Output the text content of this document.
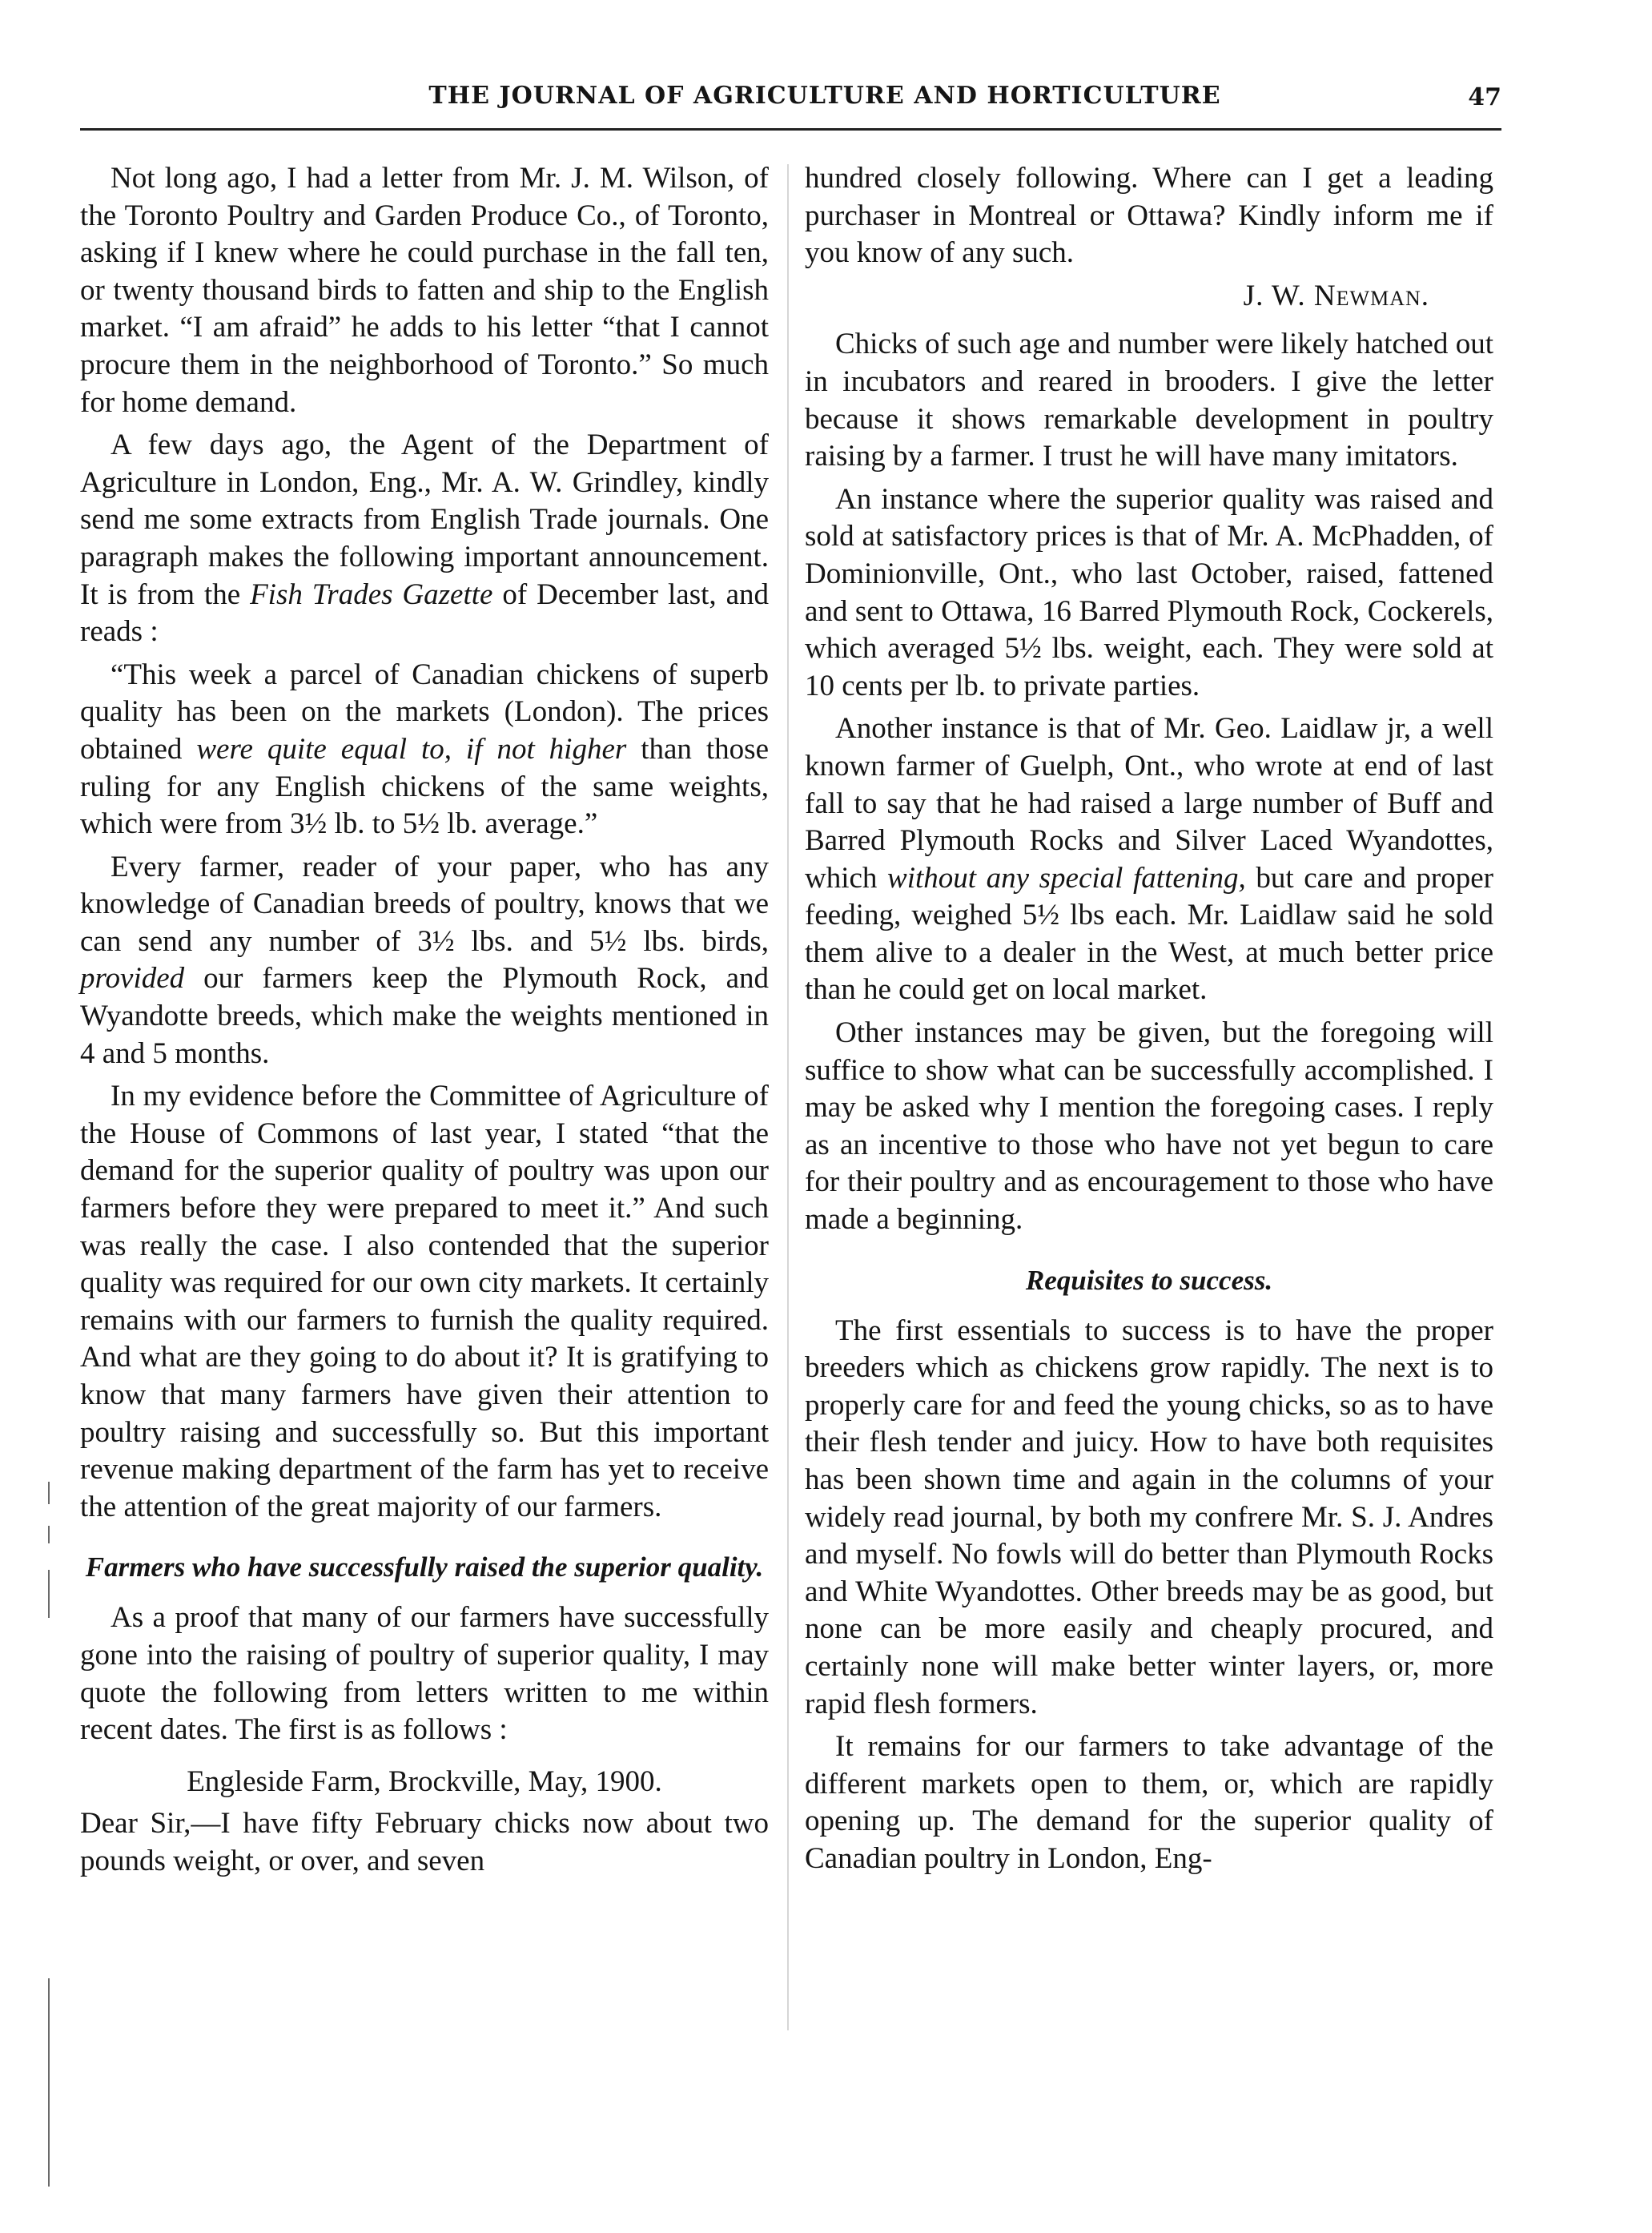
THE JOURNAL OF AGRICULTURE AND HORTICULTURE	47

Not long ago, I had a letter from Mr. J. M. Wilson, of the Toronto Poultry and Garden Produce Co., of Toronto, asking if I knew where he could purchase in the fall ten, or twenty thousand birds to fatten and ship to the English market. “I am afraid” he adds to his letter “that I cannot procure them in the neighborhood of Toronto.” So much for home demand.

A few days ago, the Agent of the Department of Agriculture in London, Eng., Mr. A. W. Grindley, kindly send me some extracts from English Trade journals. One paragraph makes the following important announcement. It is from the Fish Trades Gazette of December last, and reads :

“This week a parcel of Canadian chickens of superb quality has been on the markets (London). The prices obtained were quite equal to, if not higher than those ruling for any English chickens of the same weights, which were from 3½ lb. to 5½ lb. average.”

Every farmer, reader of your paper, who has any knowledge of Canadian breeds of poultry, knows that we can send any number of 3½ lbs. and 5½ lbs. birds, provided our farmers keep the Plymouth Rock, and Wyandotte breeds, which make the weights mentioned in 4 and 5 months.

In my evidence before the Committee of Agriculture of the House of Commons of last year, I stated “that the demand for the superior quality of poultry was upon our farmers before they were prepared to meet it.” And such was really the case. I also contended that the superior quality was required for our own city markets. It certainly remains with our farmers to furnish the quality required. And what are they going to do about it? It is gratifying to know that many farmers have given their attention to poultry raising and successfully so. But this important revenue making department of the farm has yet to receive the attention of the great majority of our farmers.

Farmers who have successfully raised the superior quality.

As a proof that many of our farmers have successfully gone into the raising of poultry of superior quality, I may quote the following from letters written to me within recent dates. The first is as follows :

Engleside Farm, Brockville, May, 1900.

Dear Sir,—I have fifty February chicks now about two pounds weight, or over, and seven

hundred closely following. Where can I get a leading purchaser in Montreal or Ottawa? Kindly inform me if you know of any such.

J. W. Newman.

Chicks of such age and number were likely hatched out in incubators and reared in brooders. I give the letter because it shows remarkable development in poultry raising by a farmer. I trust he will have many imitators.

An instance where the superior quality was raised and sold at satisfactory prices is that of Mr. A. McPhadden, of Dominionville, Ont., who last October, raised, fattened and sent to Ottawa, 16 Barred Plymouth Rock, Cockerels, which averaged 5½ lbs. weight, each. They were sold at 10 cents per lb. to private parties.

Another instance is that of Mr. Geo. Laidlaw jr, a well known farmer of Guelph, Ont., who wrote at end of last fall to say that he had raised a large number of Buff and Barred Plymouth Rocks and Silver Laced Wyandottes, which without any special fattening, but care and proper feeding, weighed 5½ lbs each. Mr. Laidlaw said he sold them alive to a dealer in the West, at much better price than he could get on local market.

Other instances may be given, but the foregoing will suffice to show what can be successfully accomplished. I may be asked why I mention the foregoing cases. I reply as an incentive to those who have not yet begun to care for their poultry and as encouragement to those who have made a beginning.

Requisites to success.

The first essentials to success is to have the proper breeders which as chickens grow rapidly. The next is to properly care for and feed the young chicks, so as to have their flesh tender and juicy. How to have both requisites has been shown time and again in the columns of your widely read journal, by both my confrere Mr. S. J. Andres and myself. No fowls will do better than Plymouth Rocks and White Wyandottes. Other breeds may be as good, but none can be more easily and cheaply procured, and certainly none will make better winter layers, or, more rapid flesh formers.

It remains for our farmers to take advantage of the different markets open to them, or, which are rapidly opening up. The demand for the superior quality of Canadian poultry in London, Eng-
